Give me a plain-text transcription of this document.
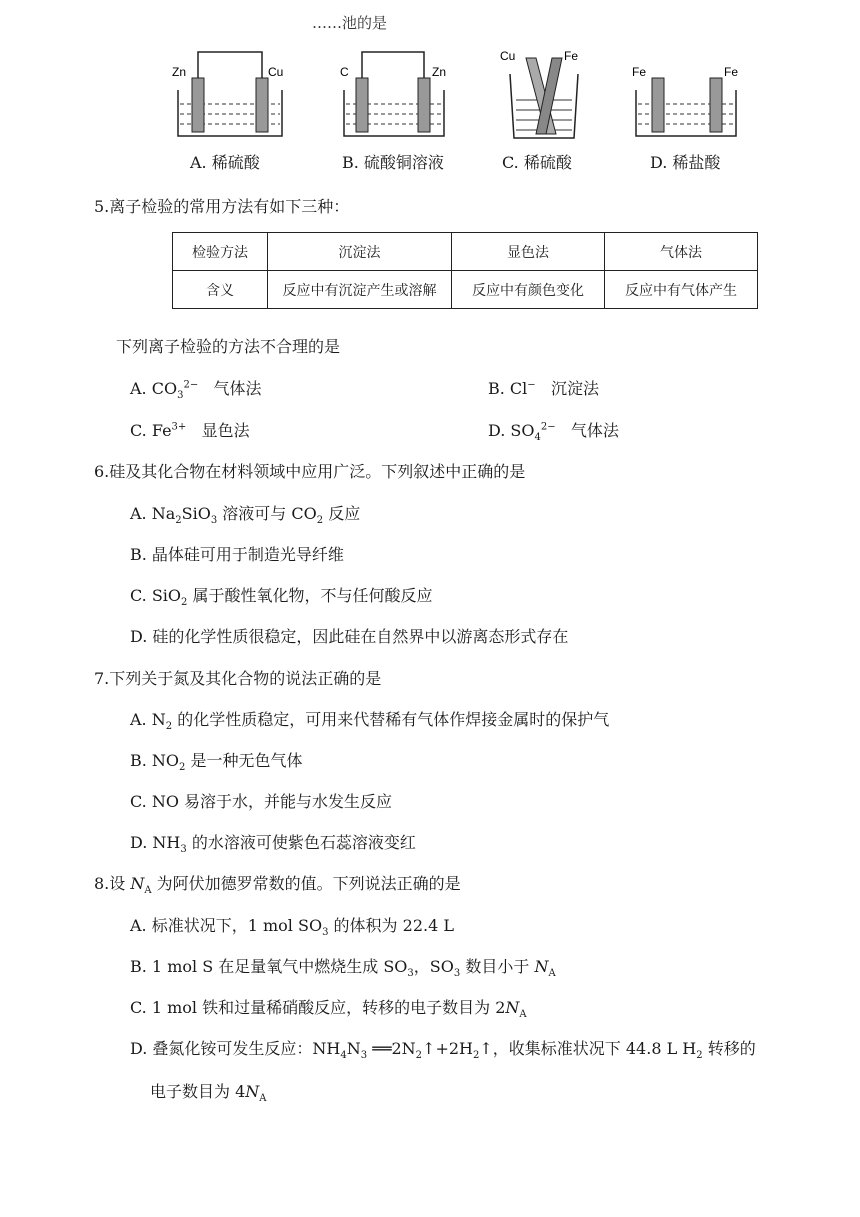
……池的是
Zn	Cu	C	Zn
Cu	Fe
Fe	Fe
A. 稀硫酸	B. 硫酸铜溶液	C. 稀硫酸	D. 稀盐酸
5.离子检验的常用方法有如下三种：
检验方法	沉淀法	显色法	气体法
含义	反应中有沉淀产生或溶解	反应中有颜色变化	反应中有气体产生
下列离子检验的方法不合理的是
A. $CO_3^{2-}$ 气体法	B. Cl− 沉淀法
C. $Fe^{3+}$ 显色法	D. $SO_4^{2-}$ 气体法
6.硅及其化合物在材料领域中应用广泛。下列叙述中正确的是
A. $Na_2SiO_3$ 溶液可与 $CO_2$ 反应
B. 晶体硅可用于制造光导纤维
C. SiO$_2$ 属于酸性氧化物，不与任何酸反应
D. 硅的化学性质很稳定，因此硅在自然界中以游离态形式存在
7.下列关于氮及其化合物的说法正确的是
A. $N_2$ 的化学性质稳定，可用来代替稀有气体作焊接金属时的保护气
B. $NO_2$ 是一种无色气体
C. NO 易溶于水，并能与水发生反应
D. $NH_3$ 的水溶液可使紫色石蕊溶液变红
8.设 $N_A$ 为阿伏加德罗常数的值。下列说法正确的是
A. 标准状况下，1 mol $SO_3$ 的体积为 22.4 L
B. 1 mol S 在足量氧气中燃烧生成 $SO_3$，$SO_3$ 数目小于 $N_A$
C. 1 mol 铁和过量稀硝酸反应，转移的电子数目为 $2N_A$
D. 叠氮化铵可发生反应：$NH_4N_3$ $══2N_2↑+2H_2↑$，收集标准状况下 44.8 L $H_2$ 转移的
电子数目为 $4N_A$
